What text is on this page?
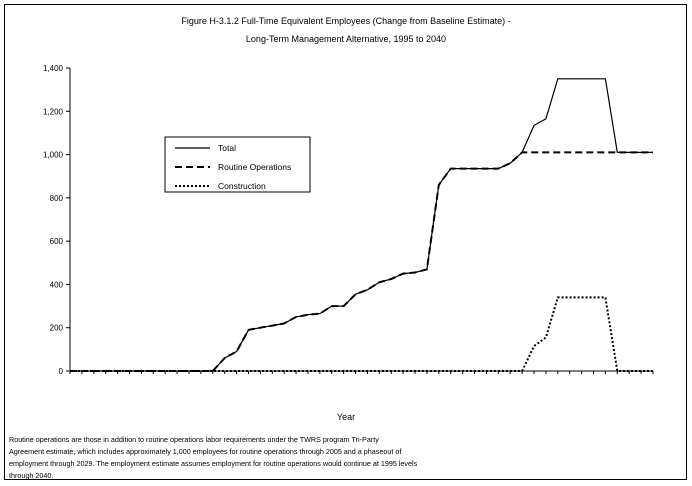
Figure H-3.1.2 Full-Time Equivalent Employees (Change from Baseline Estimate) -
Long-Term Management Alternative, 1995 to 2040
0
200
400
600
800
1,000
1,200
1,400
Total
Routine Operations
Construction
Year
Routine operations are those in addition to routine operations labor requirements under the TWRS program Tri-Party
Agreement estimate, which includes approximately 1,000 employees for routine operations through 2005 and a phaseout of
employment through 2029. The employment estimate assumes employment for routine operations would continue at 1995 levels
through 2040.
